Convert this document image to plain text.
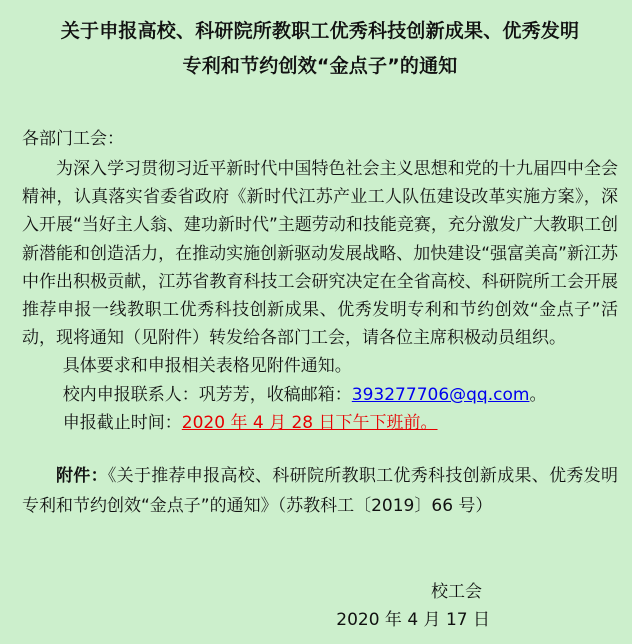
关于申报高校、科研院所教职工优秀科技创新成果、优秀发明
专利和节约创效“金点子”的通知
各部门工会：
为深入学习贯彻习近平新时代中国特色社会主义思想和党的十九届四中全会精神，认真落实省委省政府《新时代江苏产业工人队伍建设改革实施方案》，深入开展“当好主人翁、建功新时代”主题劳动和技能竞赛，充分激发广大教职工创新潜能和创造活力，在推动实施创新驱动发展战略、加快建设“强富美高”新江苏中作出积极贡献，江苏省教育科技工会研究决定在全省高校、科研院所工会开展推荐申报一线教职工优秀科技创新成果、优秀发明专利和节约创效“金点子”活动，现将通知（见附件）转发给各部门工会，请各位主席积极动员组织。
具体要求和申报相关表格见附件通知。
校内申报联系人：巩芳芳，收稿邮箱：393277706@qq.com。
申报截止时间：2020 年 4 月 28 日下午下班前。
附件：《关于推荐申报高校、科研院所教职工优秀科技创新成果、优秀发明专利和节约创效“金点子”的通知》（苏教科工〔2019〕66 号）
校工会
2020 年 4 月 17 日
